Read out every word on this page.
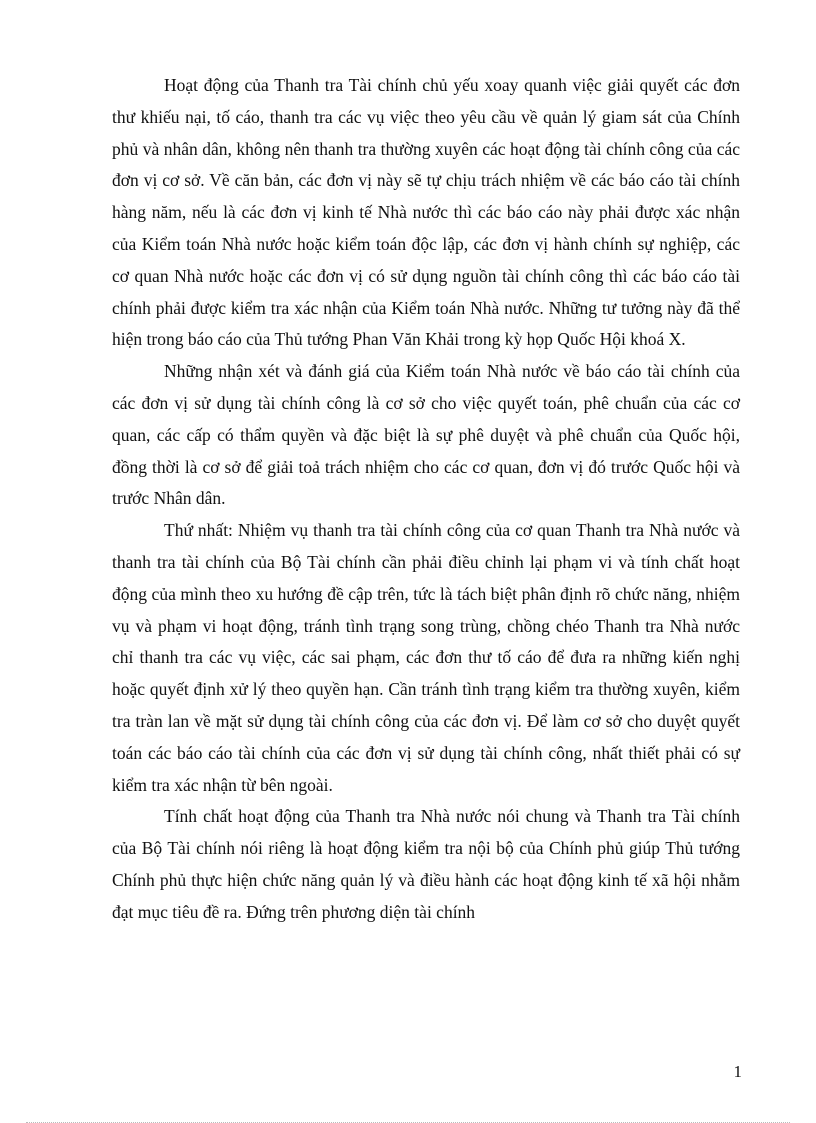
Hoạt động của Thanh tra Tài chính chủ yếu xoay quanh việc giải quyết các đơn thư khiếu nại, tố cáo, thanh tra các vụ việc theo yêu cầu về quản lý giam sát của Chính phủ và nhân dân, không nên thanh tra thường xuyên các hoạt động tài chính công của các đơn vị cơ sở. Về căn bản, các đơn vị này sẽ tự chịu trách nhiệm về các báo cáo tài chính hàng năm, nếu là các đơn vị kinh tế Nhà nước thì các báo cáo này phải được xác nhận của Kiểm toán Nhà nước hoặc kiểm toán độc lập, các đơn vị hành chính sự nghiệp, các cơ quan Nhà nước hoặc các đơn vị có sử dụng nguồn tài chính công thì các báo cáo tài chính phải được kiểm tra xác nhận của Kiểm toán Nhà nước. Những tư tưởng này đã thể hiện trong báo cáo của Thủ tướng Phan Văn Khải trong kỳ họp Quốc Hội khoá X.

Những nhận xét và đánh giá của Kiểm toán Nhà nước về báo cáo tài chính của các đơn vị sử dụng tài chính công là cơ sở cho việc quyết toán, phê chuẩn của các cơ quan, các cấp có thẩm quyền và đặc biệt là sự phê duyệt và phê chuẩn của Quốc hội, đồng thời là cơ sở để giải toả trách nhiệm cho các cơ quan, đơn vị đó trước Quốc hội và trước Nhân dân.

Thứ nhất: Nhiệm vụ thanh tra tài chính công của cơ quan Thanh tra Nhà nước và thanh tra tài chính của Bộ Tài chính cần phải điều chỉnh lại phạm vi và tính chất hoạt động của mình theo xu hướng đề cập trên, tức là tách biệt phân định rõ chức năng, nhiệm vụ và phạm vi hoạt động, tránh tình trạng song trùng, chồng chéo Thanh tra Nhà nước chỉ thanh tra các vụ việc, các sai phạm, các đơn thư tố cáo để đưa ra những kiến nghị hoặc quyết định xử lý theo quyền hạn. Cần tránh tình trạng kiểm tra thường xuyên, kiểm tra tràn lan về mặt sử dụng tài chính công của các đơn vị. Để làm cơ sở cho duyệt quyết toán các báo cáo tài chính của các đơn vị sử dụng tài chính công, nhất thiết phải có sự kiểm tra xác nhận từ bên ngoài.

Tính chất hoạt động của Thanh tra Nhà nước nói chung và Thanh tra Tài chính của Bộ Tài chính nói riêng là hoạt động kiểm tra nội bộ của Chính phủ giúp Thủ tướng Chính phủ thực hiện chức năng quản lý và điều hành các hoạt động kinh tế xã hội nhằm đạt mục tiêu đề ra. Đứng trên phương diện tài chính

1
